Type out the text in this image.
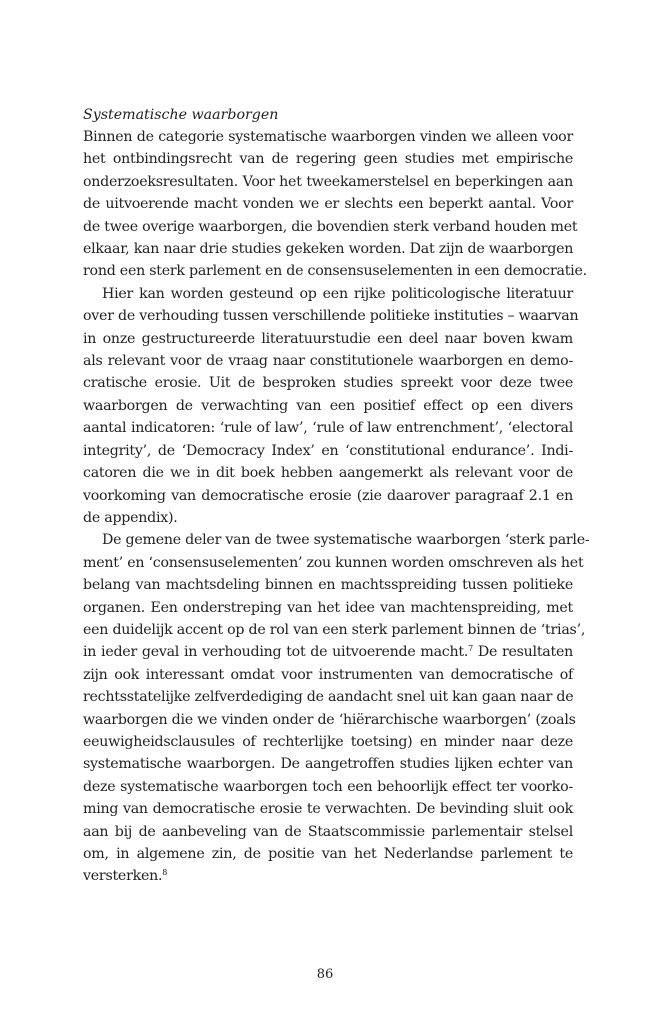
Systematische waarborgen

Binnen de categorie systematische waarborgen vinden we alleen voor
het ontbindingsrecht van de regering geen studies met empirische
onderzoeksresultaten. Voor het tweekamerstelsel en beperkingen aan
de uitvoerende macht vonden we er slechts een beperkt aantal. Voor
de twee overige waarborgen, die bovendien sterk verband houden met
elkaar, kan naar drie studies gekeken worden. Dat zijn de waarborgen
rond een sterk parlement en de consensuselementen in een democratie.
Hier kan worden gesteund op een rijke politicologische literatuur
over de verhouding tussen verschillende politieke instituties – waarvan
in onze gestructureerde literatuurstudie een deel naar boven kwam
als relevant voor de vraag naar constitutionele waarborgen en demo-
cratische erosie. Uit de besproken studies spreekt voor deze twee
waarborgen de verwachting van een positief effect op een divers
aantal indicatoren: ‘rule of law’, ‘rule of law entrenchment’, ‘electoral
integrity’, de ‘Democracy Index’ en ‘constitutional endurance’. Indi-
catoren die we in dit boek hebben aangemerkt als relevant voor de
voorkoming van democratische erosie (zie daarover paragraaf 2.1 en
de appendix).
De gemene deler van de twee systematische waarborgen ‘sterk parle-
ment’ en ‘consensuselementen’ zou kunnen worden omschreven als het
belang van machtsdeling binnen en machtsspreiding tussen politieke
organen. Een onderstreping van het idee van machtenspreiding, met
een duidelijk accent op de rol van een sterk parlement binnen de ‘trias’,
in ieder geval in verhouding tot de uitvoerende macht.$^7$ De resultaten
zijn ook interessant omdat voor instrumenten van democratische of
rechtsstatelijke zelfverdediging de aandacht snel uit kan gaan naar de
waarborgen die we vinden onder de ‘hiërarchische waarborgen’ (zoals
eeuwigheidsclausules of rechterlijke toetsing) en minder naar deze
systematische waarborgen. De aangetroffen studies lijken echter van
deze systematische waarborgen toch een behoorlijk effect ter voorko-
ming van democratische erosie te verwachten. De bevinding sluit ook
aan bij de aanbeveling van de Staatscommissie parlementair stelsel
om, in algemene zin, de positie van het Nederlandse parlement te
versterken.$^8$
86
